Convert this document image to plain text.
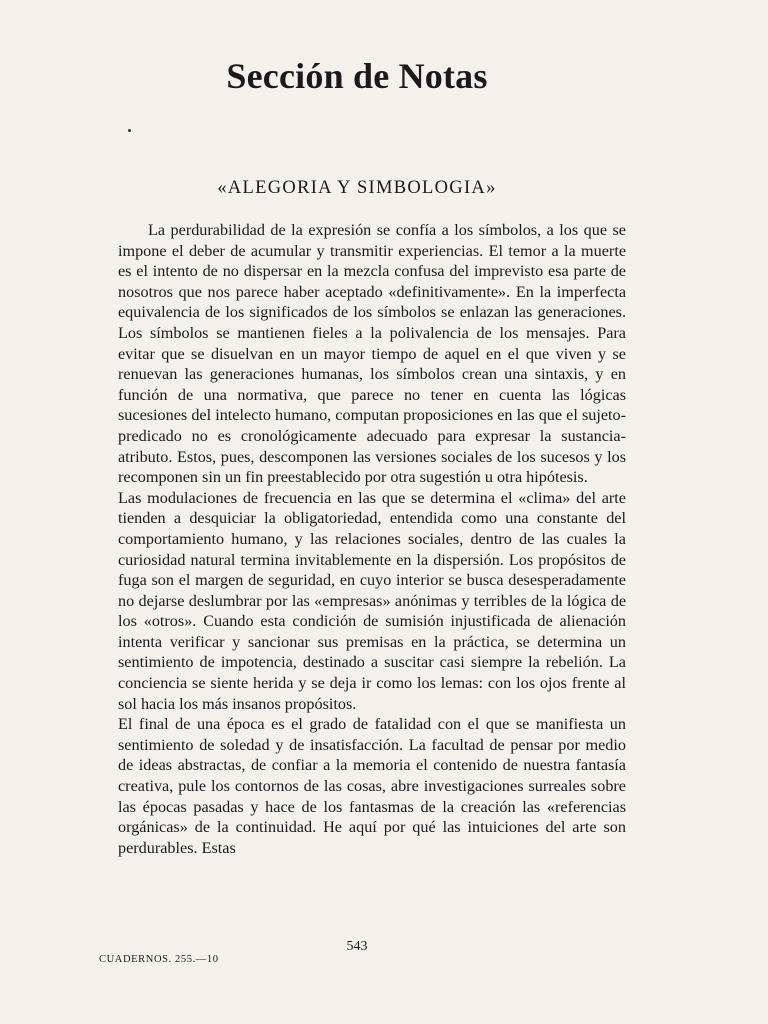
Sección de Notas
«ALEGORIA Y SIMBOLOGIA»

La perdurabilidad de la expresión se confía a los símbolos, a los que se impone el deber de acumular y transmitir experiencias. El temor a la muerte es el intento de no dispersar en la mezcla confusa del imprevisto esa parte de nosotros que nos parece haber aceptado «definitivamente». En la imperfecta equivalencia de los significados de los símbolos se enlazan las generaciones. Los símbolos se mantienen fieles a la polivalencia de los mensajes. Para evitar que se disuelvan en un mayor tiempo de aquel en el que viven y se renuevan las generaciones humanas, los símbolos crean una sintaxis, y en función de una normativa, que parece no tener en cuenta las lógicas sucesiones del intelecto humano, computan proposiciones en las que el sujeto-predicado no es cronológicamente adecuado para expresar la sustancia-atributo. Estos, pues, descomponen las versiones sociales de los sucesos y los recomponen sin un fin preestablecido por otra sugestión u otra hipótesis.

Las modulaciones de frecuencia en las que se determina el «clima» del arte tienden a desquiciar la obligatoriedad, entendida como una constante del comportamiento humano, y las relaciones sociales, dentro de las cuales la curiosidad natural termina invitablemente en la dispersión. Los propósitos de fuga son el margen de seguridad, en cuyo interior se busca desesperadamente no dejarse deslumbrar por las «empresas» anónimas y terribles de la lógica de los «otros». Cuando esta condición de sumisión injustificada de alienación intenta verificar y sancionar sus premisas en la práctica, se determina un sentimiento de impotencia, destinado a suscitar casi siempre la rebelión. La conciencia se siente herida y se deja ir como los lemas: con los ojos frente al sol hacia los más insanos propósitos.

El final de una época es el grado de fatalidad con el que se manifiesta un sentimiento de soledad y de insatisfacción. La facultad de pensar por medio de ideas abstractas, de confiar a la memoria el contenido de nuestra fantasía creativa, pule los contornos de las cosas, abre investigaciones surreales sobre las épocas pasadas y hace de los fantasmas de la creación las «referencias orgánicas» de la continuidad. He aquí por qué las intuiciones del arte son perdurables. Estas

543
CUADERNOS. 255.—10
